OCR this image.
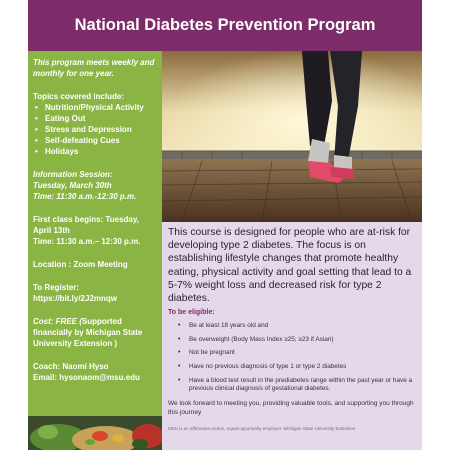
National Diabetes Prevention Program

This program meets weekly and monthly for one year.

Topics covered include:

• Nutrition/Physical Activity
• Eating Out
• Stress and Depression
• Self-defeating Cues
• Holidays

Information Session:

Tuesday, March 30th

Time: 11:30 a.m.-12:30 p.m.

First class begins: Tuesday, April 13th

Time: 11:30 a.m.– 12:30 p.m.

Location : Zoom Meeting

To Register:

https://bit.ly/2J2mnqw

Cost: FREE (Supported financially by Michigan State University Extension )

Coach: Naomi Hyso

Email: hysonaom@msu.edu

This course is designed for people who are at-risk for developing type 2 diabetes. The focus is on establishing lifestyle changes that promote healthy eating, physical activity and goal setting that lead to a 5-7% weight loss and decreased risk for type 2 diabetes.

To be eligible:

•	Be at least 18 years old and
•	Be overweight (Body Mass Index ≥25; ≥23 if Asian)
•	Not be pregnant
•	Have no previous diagnosis of type 1 or type 2 diabetes
•	Have a blood test result in the prediabetes range within the past year or have a previous clinical diagnosis of gestational diabetes.

We look forward to meeting you, providing valuable tools, and supporting you through this journey

MSU is an affirmative-action, equal-opportunity employer. Michigan State University Extension
